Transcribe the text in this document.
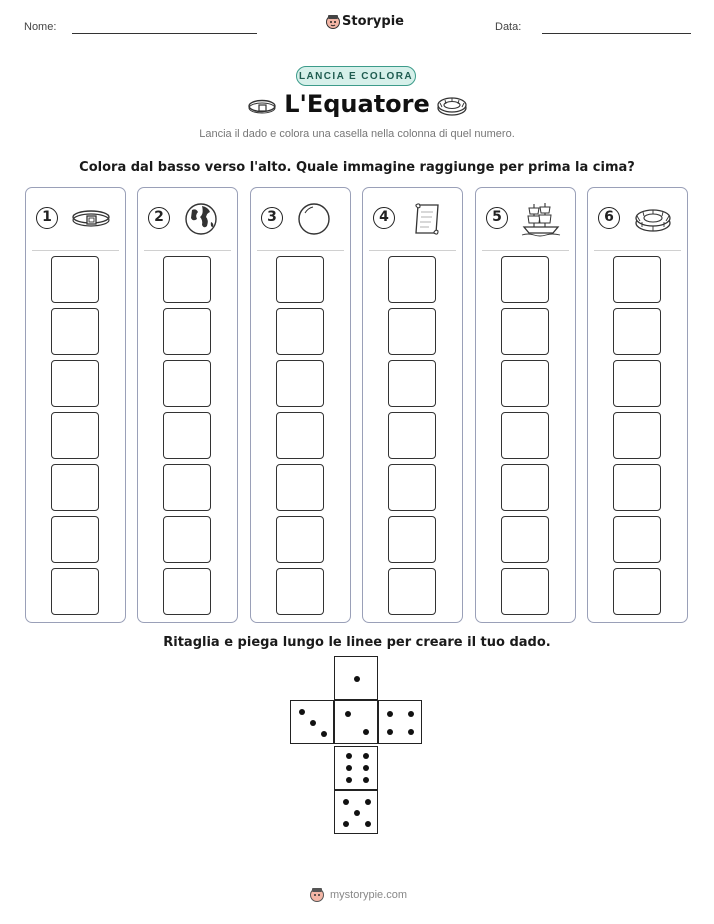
Nome:	Storypie	Data:
LANCIA E COLORA
L'Equatore
Lancia il dado e colora una casella nella colonna di quel numero.
Colora dal basso verso l'alto. Quale immagine raggiunge per prima la cima?
1	2	3	4	5	6
Ritaglia e piega lungo le linee per creare il tuo dado.
mystorypie.com
